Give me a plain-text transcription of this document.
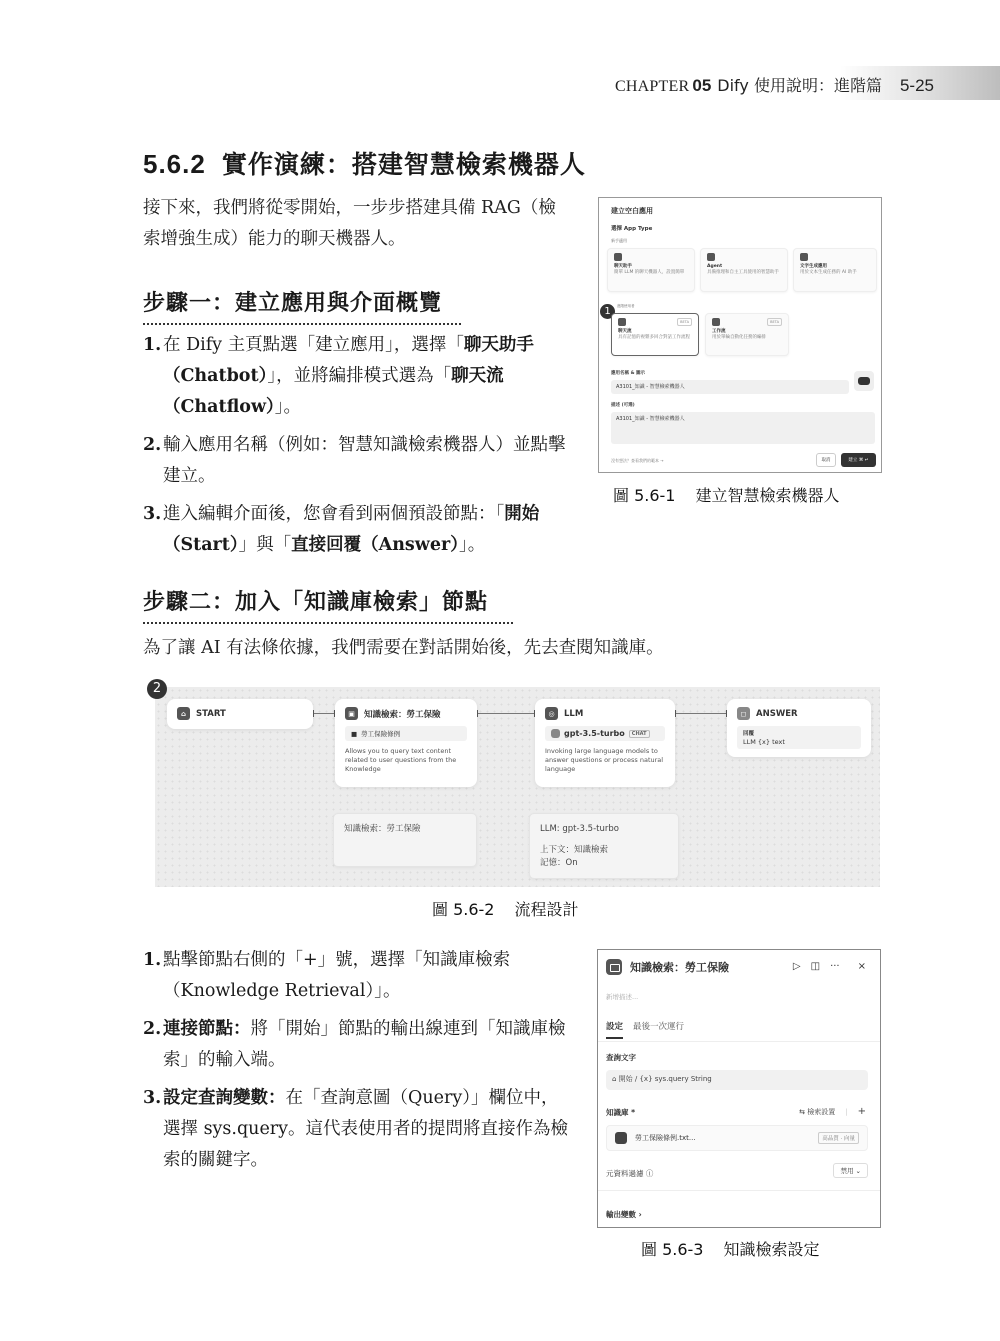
CHAPTER 05 Dify 使用說明：進階篇 5-25
5.6.2 實作演練：搭建智慧檢索機器人
接下來，我們將從零開始，一步步搭建具備 RAG（檢索增強生成）能力的聊天機器人。
步驟一：建立應用與介面概覽
1. 在 Dify 主頁點選「建立應用」，選擇「聊天助手（Chatbot）」，並將編排模式選為「聊天流（Chatflow）」。
2. 輸入應用名稱（例如：智慧知識檢索機器人）並點擊建立。
3. 進入編輯介面後，您會看到兩個預設節點：「開始（Start）」與「直接回覆（Answer）」。
建立空白應用
選擇 App Type
新手適用
聊天助手
簡單 LLM 的聊天機器人，設置簡單
Agent
具備推理和自主工具使用的智慧助手
文字生成應用
用於文本生成任務的 AI 助手
1	進階使用者
BETA
聊天流
具有記憶的複雜多回合對話工作流程
BETA
工作流
用於單輪自動化任務的編排
應用名稱 & 圖示
A3101_知識 - 智慧檢索機器人
描述 (可選)
A3101_知識 - 智慧檢索機器人
沒有想法？查看我們的範本 →	取消	建立 ⌘ ↵
圖 5.6-1 建立智慧檢索機器人
步驟二：加入「知識庫檢索」節點
為了讓 AI 有法條依據，我們需要在對話開始後，先去查閱知識庫。
⌂	START	▣	知識檢索：勞工保險
■ 勞工保險條例
Allows you to query text content related to user questions from the Knowledge
◎	LLM
gpt-3.5-turbo	CHAT
Invoking large language models to answer questions or process natural language
◻	ANSWER
回覆
LLM {x} text
知識檢索：勞工保險	LLM: gpt-3.5-turbo
上下文：知識檢索
記憶：On
2
圖 5.6-2 流程設計
1. 點擊節點右側的「+」號，選擇「知識庫檢索（Knowledge Retrieval）」。
2. 連接節點：將「開始」節點的輸出線連到「知識庫檢索」的輸入端。
3. 設定查詢變數：在「查詢意圖（Query）」欄位中，選擇 sys.query。這代表使用者的提問將直接作為檢索的關鍵字。
知識檢索：勞工保險	▷ ◫ ··· ×
新增描述...
設定 最後一次運行
查詢文字
⌂ 開始 / {x} sys.query String
知識庫 *	⇆ 檢索設置 | +
勞工保險條例.txt...	高品質 · 向量
元資料過濾 ⓘ	禁用 ⌄
輸出變數 ›
圖 5.6-3 知識檢索設定
